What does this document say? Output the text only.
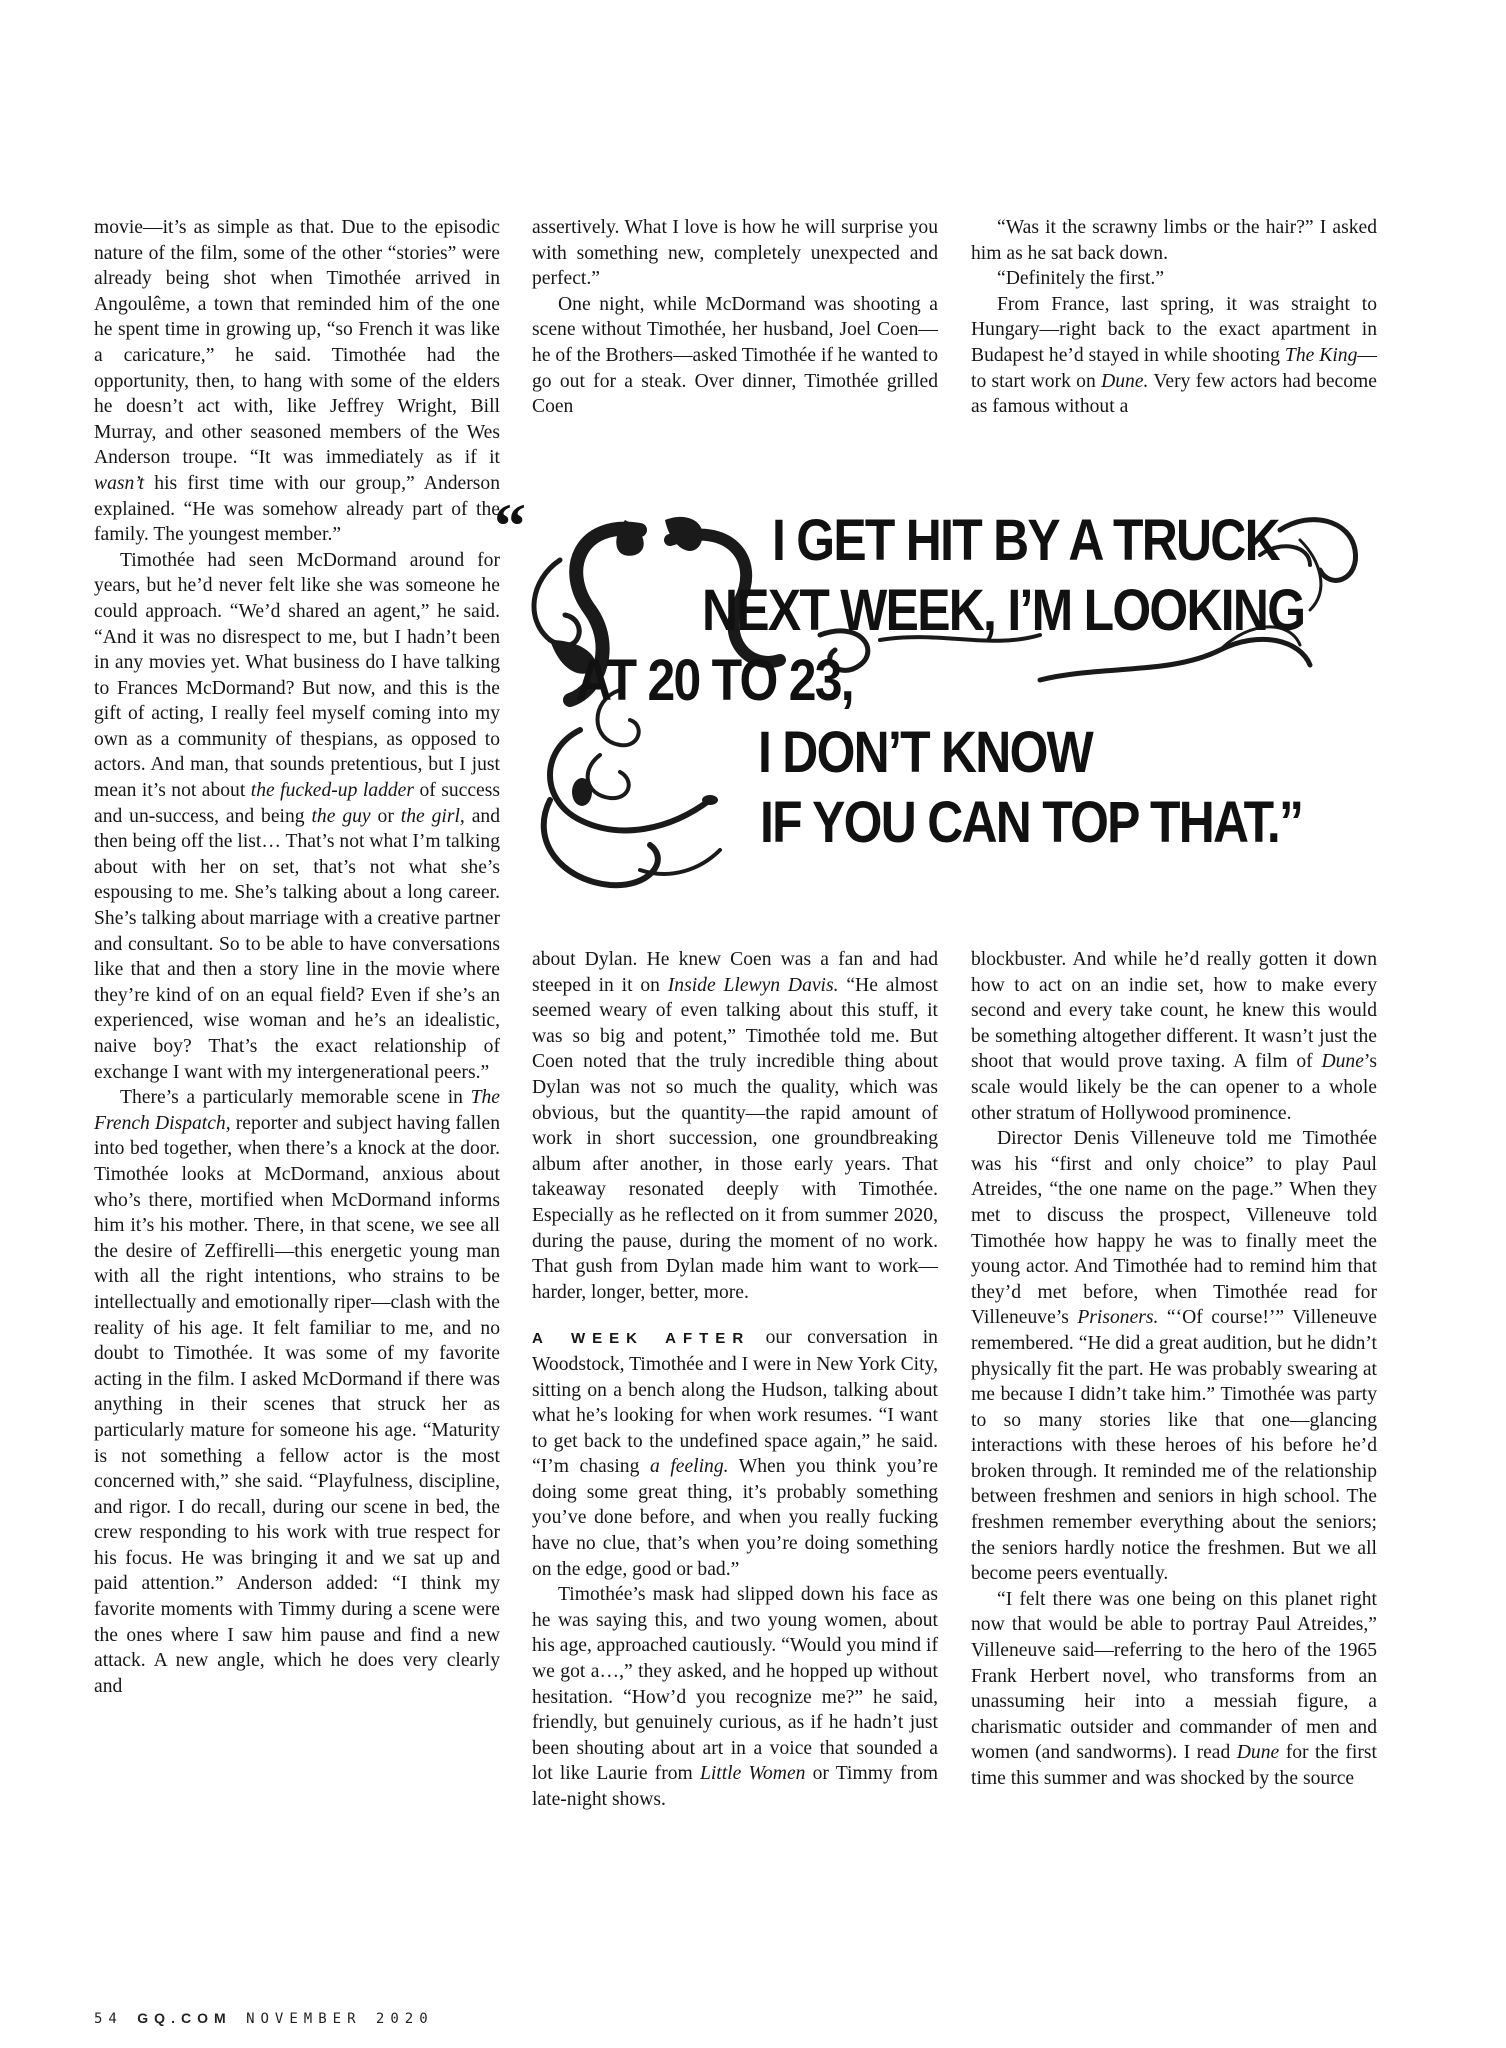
movie—it’s as simple as that. Due to the episodic nature of the film, some of the other “stories” were already being shot when Timothée arrived in Angoulême, a town that reminded him of the one he spent time in growing up, “so French it was like a caricature,” he said. Timothée had the opportunity, then, to hang with some of the elders he doesn’t act with, like Jeffrey Wright, Bill Murray, and other seasoned members of the Wes Anderson troupe. “It was immediately as if it wasn’t his first time with our group,” Anderson explained. “He was somehow already part of the family. The youngest member.”

Timothée had seen McDormand around for years, but he’d never felt like she was someone he could approach. “We’d shared an agent,” he said. “And it was no disrespect to me, but I hadn’t been in any movies yet. What business do I have talking to Frances McDormand? But now, and this is the gift of acting, I really feel myself coming into my own as a community of thespians, as opposed to actors. And man, that sounds pretentious, but I just mean it’s not about the fucked-up ladder of success and un-success, and being the guy or the girl, and then being off the list… That’s not what I’m talking about with her on set, that’s not what she’s espousing to me. She’s talking about a long career. She’s talking about marriage with a creative partner and consultant. So to be able to have conversations like that and then a story line in the movie where they’re kind of on an equal field? Even if she’s an experienced, wise woman and he’s an idealistic, naive boy? That’s the exact relationship of exchange I want with my intergenerational peers.”

There’s a particularly memorable scene in The French Dispatch, reporter and subject having fallen into bed together, when there’s a knock at the door. Timothée looks at McDormand, anxious about who’s there, mortified when McDormand informs him it’s his mother. There, in that scene, we see all the desire of Zeffirelli—this energetic young man with all the right intentions, who strains to be intellectually and emotionally riper—clash with the reality of his age. It felt familiar to me, and no doubt to Timothée. It was some of my favorite acting in the film. I asked McDormand if there was anything in their scenes that struck her as particularly mature for someone his age. “Maturity is not something a fellow actor is the most concerned with,” she said. “Playfulness, discipline, and rigor. I do recall, during our scene in bed, the crew responding to his work with true respect for his focus. He was bringing it and we sat up and paid attention.” Anderson added: “I think my favorite moments with Timmy during a scene were the ones where I saw him pause and find a new attack. A new angle, which he does very clearly and

assertively. What I love is how he will surprise you with something new, completely unexpected and perfect.”

One night, while McDormand was shooting a scene without Timothée, her husband, Joel Coen—he of the Brothers—asked Timothée if he wanted to go out for a steak. Over dinner, Timothée grilled Coen

“Was it the scrawny limbs or the hair?” I asked him as he sat back down.

“Definitely the first.”

From France, last spring, it was straight to Hungary—right back to the exact apartment in Budapest he’d stayed in while shooting The King—to start work on Dune. Very few actors had become as famous without a

“	I GET HIT BY A TRUCK
NEXT WEEK, I’M LOOKING
AT 20 TO 23,
I DON’T KNOW
IF YOU CAN TOP THAT.”

about Dylan. He knew Coen was a fan and had steeped in it on Inside Llewyn Davis. “He almost seemed weary of even talking about this stuff, it was so big and potent,” Timothée told me. But Coen noted that the truly incredible thing about Dylan was not so much the quality, which was obvious, but the quantity—the rapid amount of work in short succession, one groundbreaking album after another, in those early years. That takeaway resonated deeply with Timothée. Especially as he reflected on it from summer 2020, during the pause, during the moment of no work. That gush from Dylan made him want to work—harder, longer, better, more.

A WEEK AFTER our conversation in Woodstock, Timothée and I were in New York City, sitting on a bench along the Hudson, talking about what he’s looking for when work resumes. “I want to get back to the undefined space again,” he said. “I’m chasing a feeling. When you think you’re doing some great thing, it’s probably something you’ve done before, and when you really fucking have no clue, that’s when you’re doing something on the edge, good or bad.”

Timothée’s mask had slipped down his face as he was saying this, and two young women, about his age, approached cautiously. “Would you mind if we got a…,” they asked, and he hopped up without hesitation. “How’d you recognize me?” he said, friendly, but genuinely curious, as if he hadn’t just been shouting about art in a voice that sounded a lot like Laurie from Little Women or Timmy from late-night shows.

blockbuster. And while he’d really gotten it down how to act on an indie set, how to make every second and every take count, he knew this would be something altogether different. It wasn’t just the shoot that would prove taxing. A film of Dune’s scale would likely be the can opener to a whole other stratum of Hollywood prominence.

Director Denis Villeneuve told me Timothée was his “first and only choice” to play Paul Atreides, “the one name on the page.” When they met to discuss the prospect, Villeneuve told Timothée how happy he was to finally meet the young actor. And Timothée had to remind him that they’d met before, when Timothée read for Villeneuve’s Prisoners. “‘Of course!’” Villeneuve remembered. “He did a great audition, but he didn’t physically fit the part. He was probably swearing at me because I didn’t take him.” Timothée was party to so many stories like that one—glancing interactions with these heroes of his before he’d broken through. It reminded me of the relationship between freshmen and seniors in high school. The freshmen remember everything about the seniors; the seniors hardly notice the freshmen. But we all become peers eventually.

“I felt there was one being on this planet right now that would be able to portray Paul Atreides,” Villeneuve said—referring to the hero of the 1965 Frank Herbert novel, who transforms from an unassuming heir into a messiah figure, a charismatic outsider and commander of men and women (and sandworms). I read Dune for the first time this summer and was shocked by the source

54 GQ.COM NOVEMBER 2020
